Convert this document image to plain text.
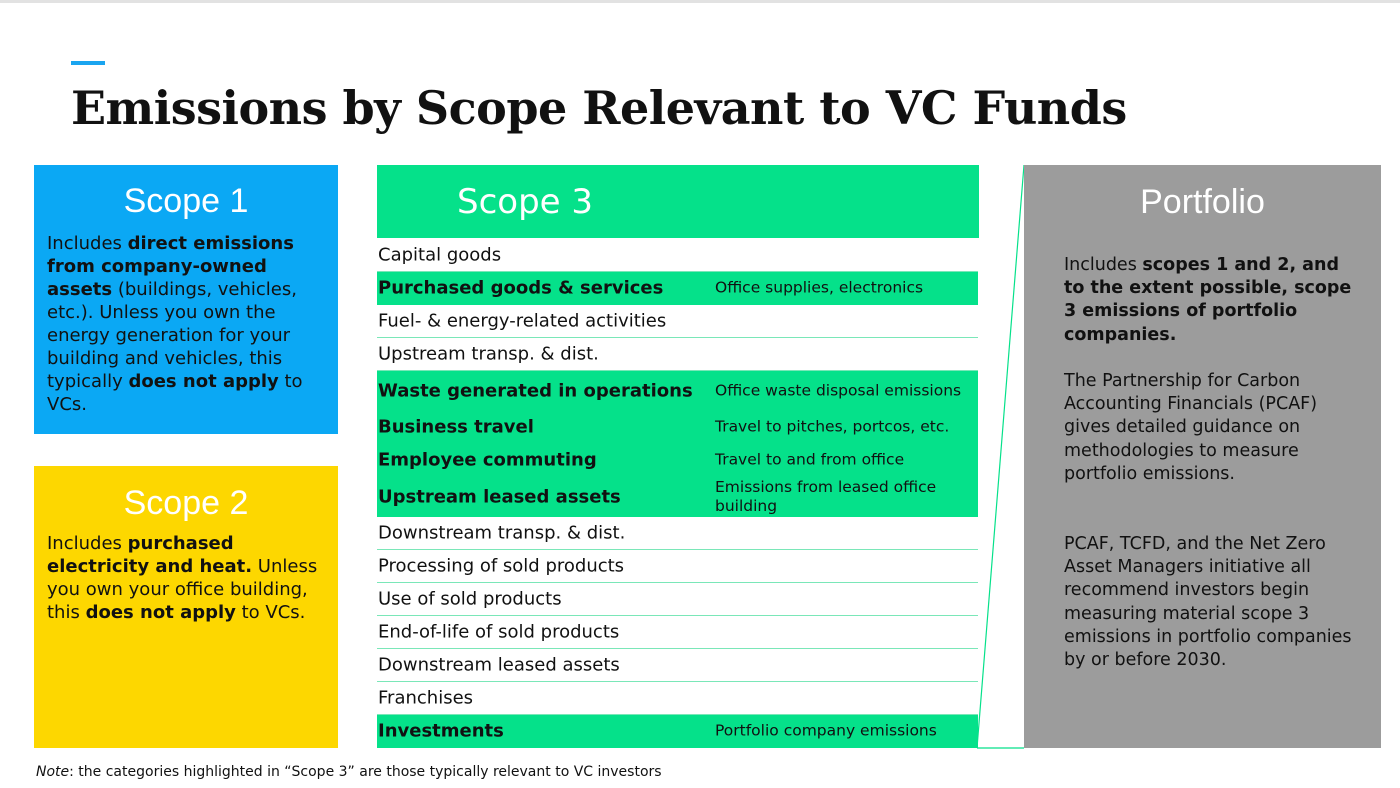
Emissions by Scope Relevant to VC Funds
Scope 1

Includes direct emissions from company-owned assets (buildings, vehicles, etc.). Unless you own the energy generation for your building and vehicles, this typically does not apply to VCs.

Scope 2

Includes purchased electricity and heat. Unless you own your office building, this does not apply to VCs.

Scope 3
Capital goods
Purchased goods & services	Office supplies, electronics
Fuel- & energy-related activities
Upstream transp. & dist.
Waste generated in operations Office waste disposal emissions
Business travel	Travel to pitches, portcos, etc.
Employee commuting	Travel to and from office
Upstream leased assets	Emissions from leased office building
Downstream transp. & dist.
Processing of sold products
Use of sold products
End-of-life of sold products
Downstream leased assets
Franchises
Investments	Portfolio company emissions
Portfolio

Includes scopes 1 and 2, and to the extent possible, scope 3 emissions of portfolio companies.

The Partnership for Carbon Accounting Financials (PCAF) gives detailed guidance on methodologies to measure portfolio emissions.

PCAF, TCFD, and the Net Zero Asset Managers initiative all recommend investors begin measuring material scope 3 emissions in portfolio companies by or before 2030.

Note: the categories highlighted in “Scope 3” are those typically relevant to VC investors
